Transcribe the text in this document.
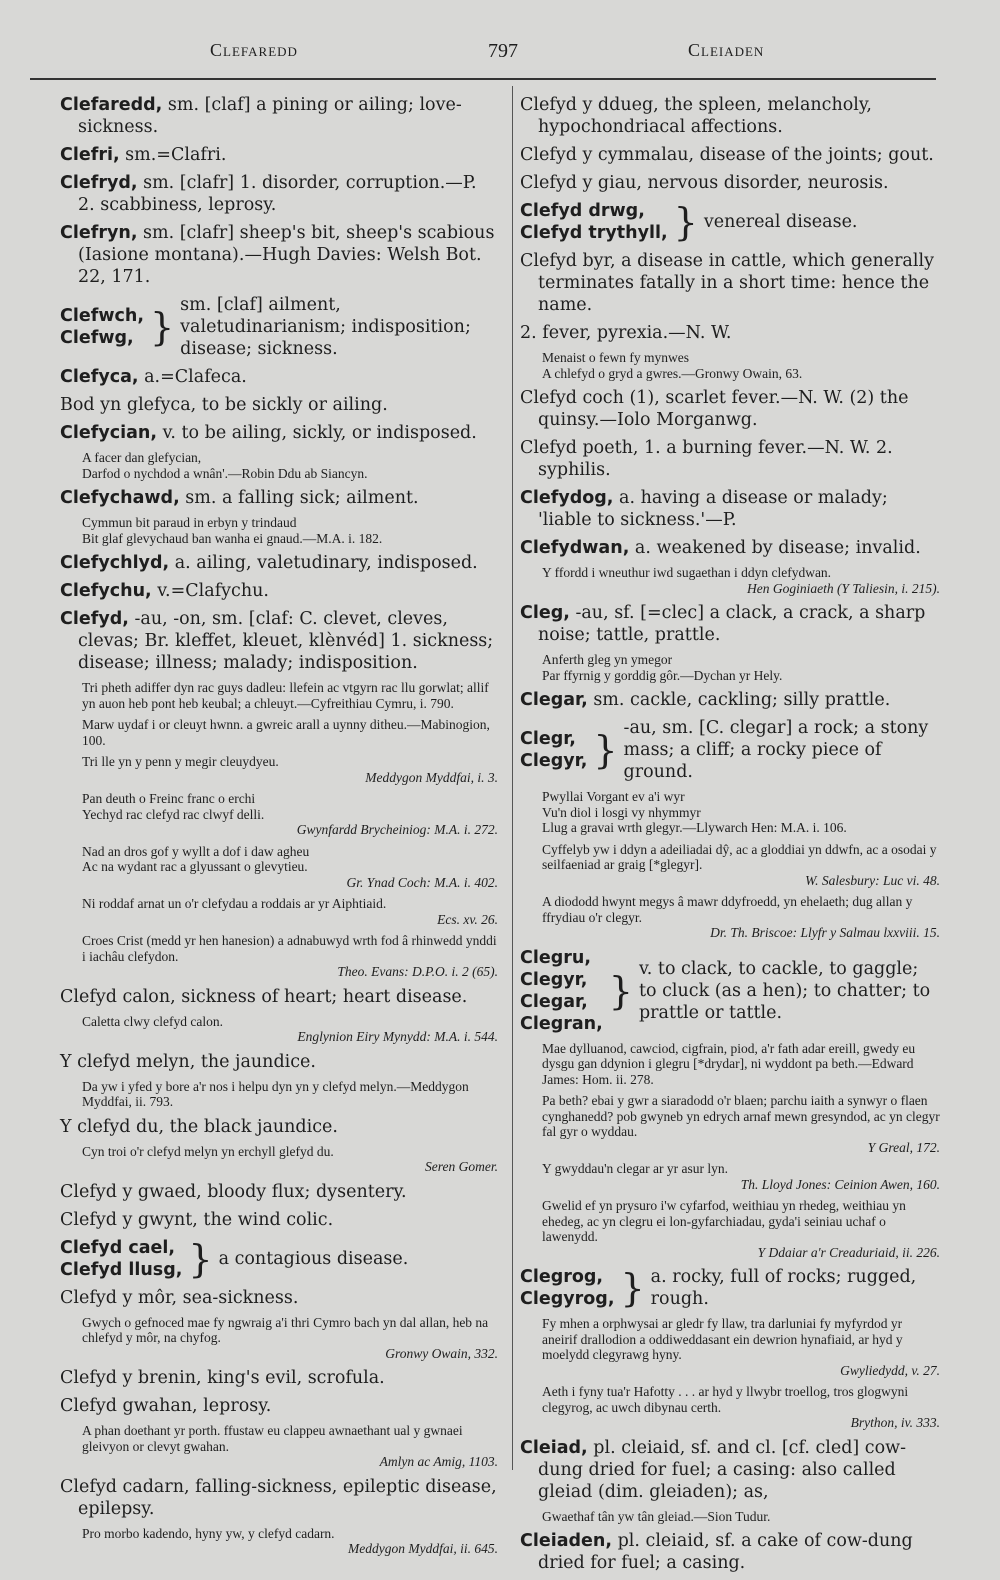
Clefaredd	797	Cleiaden
Clefaredd, sm. [claf] a pining or ailing; love-sickness.
Clefri, sm.=Clafri.
Clefryd, sm. [clafr] 1. disorder, corruption.—P. 2. scabbiness, leprosy.
Clefryn, sm. [clafr] sheep's bit, sheep's scabious (Iasione montana).—Hugh Davies: Welsh Bot. 22, 171.
Clefwch,
Clefwg, } sm. [claf] ailment, valetudinarianism; indisposition; disease; sickness.
Clefyca, a.=Clafeca.
Bod yn glefyca, to be sickly or ailing.
Clefycian, v. to be ailing, sickly, or indisposed.
A facer dan glefycian,
Darfod o nychdod a wnân'.—Robin Ddu ab Siancyn.
Clefychawd, sm. a falling sick; ailment.
Cymmun bit paraud in erbyn y trindaud
Bit glaf glevychaud ban wanha ei gnaud.—M.A. i. 182.
Clefychlyd, a. ailing, valetudinary, indisposed.
Clefychu, v.=Clafychu.
Clefyd, -au, -on, sm. [claf: C. clevet, cleves, clevas; Br. kleffet, kleuet, klènvéd] 1. sickness; disease; illness; malady; indisposition.
Tri pheth adiffer dyn rac guys dadleu: llefein ac vtgyrn rac llu gorwlat; allif yn auon heb pont heb keubal; a chleuyt.—Cyfreithiau Cymru, i. 790.
Marw uydaf i or cleuyt hwnn. a gwreic arall a uynny ditheu.—Mabinogion, 100.
Tri lle yn y penn y megir cleuydyeu.
Meddygon Myddfai, i. 3.
Pan deuth o Freinc franc o erchi
Yechyd rac clefyd rac clwyf delli.
Gwynfardd Brycheiniog: M.A. i. 272.
Nad an dros gof y wyllt a dof i daw agheu
Ac na wydant rac a glyussant o glevytieu.
Gr. Ynad Coch: M.A. i. 402.
Ni roddaf arnat un o'r clefydau a roddais ar yr Aiphtiaid.
Ecs. xv. 26.
Croes Crist (medd yr hen hanesion) a adnabuwyd wrth fod â rhinwedd ynddi i iachâu clefydon.
Theo. Evans: D.P.O. i. 2 (65).
Clefyd calon, sickness of heart; heart disease.
Caletta clwy clefyd calon.
Englynion Eiry Mynydd: M.A. i. 544.
Y clefyd melyn, the jaundice.
Da yw i yfed y bore a'r nos i helpu dyn yn y clefyd melyn.—Meddygon Myddfai, ii. 793.
Y clefyd du, the black jaundice.
Cyn troi o'r clefyd melyn yn erchyll glefyd du.
Seren Gomer.
Clefyd y gwaed, bloody flux; dysentery.
Clefyd y gwynt, the wind colic.
Clefyd cael,
Clefyd llusg, } a contagious disease.
Clefyd y môr, sea-sickness.
Gwych o gefnoced mae fy ngwraig a'i thri Cymro bach yn dal allan, heb na chlefyd y môr, na chyfog.
Gronwy Owain, 332.
Clefyd y brenin, king's evil, scrofula.
Clefyd gwahan, leprosy.
A phan doethant yr porth. ffustaw eu clappeu awnaethant ual y gwnaei gleivyon or clevyt gwahan.
Amlyn ac Amig, 1103.
Clefyd cadarn, falling-sickness, epileptic disease, epilepsy.
Pro morbo kadendo, hyny yw, y clefyd cadarn.
Meddygon Myddfai, ii. 645.
Clefyd y ddueg, the spleen, melancholy, hypochondriacal affections.
Clefyd y cymmalau, disease of the joints; gout.
Clefyd y giau, nervous disorder, neurosis.
Clefyd drwg,
Clefyd trythyll, } venereal disease.
Clefyd byr, a disease in cattle, which generally terminates fatally in a short time: hence the name.
2. fever, pyrexia.—N. W.
Menaist o fewn fy mynwes
A chlefyd o gryd a gwres.—Gronwy Owain, 63.
Clefyd coch (1), scarlet fever.—N. W. (2) the quinsy.—Iolo Morganwg.
Clefyd poeth, 1. a burning fever.—N. W. 2. syphilis.
Clefydog, a. having a disease or malady; 'liable to sickness.'—P.
Clefydwan, a. weakened by disease; invalid.
Y ffordd i wneuthur iwd sugaethan i ddyn clefydwan.
Hen Goginiaeth (Y Taliesin, i. 215).
Cleg, -au, sf. [=clec] a clack, a crack, a sharp noise; tattle, prattle.
Anferth gleg yn ymegor
Par ffyrnig y gorddig gôr.—Dychan yr Hely.
Clegar, sm. cackle, cackling; silly prattle.
Clegr,
Clegyr, } -au, sm. [C. clegar] a rock; a stony mass; a cliff; a rocky piece of ground.
Pwyllai Vorgant ev a'i wyr
Vu'n diol i losgi vy nhymmyr
Llug a gravai wrth glegyr.—Llywarch Hen: M.A. i. 106.
Cyffelyb yw i ddyn a adeiliadai dŷ, ac a gloddiai yn ddwfn, ac a osodai y seilfaeniad ar graig [*glegyr].
W. Salesbury: Luc vi. 48.
A diododd hwynt megys â mawr ddyfroedd, yn ehelaeth; dug allan y ffrydiau o'r clegyr.
Dr. Th. Briscoe: Llyfr y Salmau lxxviii. 15.
Clegru,
Clegyr,
Clegar,
Clegran,
} v. to clack, to cackle, to gaggle; to cluck (as a hen); to chatter; to prattle or tattle.
Mae dylluanod, cawciod, cigfrain, piod, a'r fath adar ereill, gwedy eu dysgu gan ddynion i glegru [*drydar], ni wyddont pa beth.—Edward James: Hom. ii. 278.
Pa beth? ebai y gwr a siaradodd o'r blaen; parchu iaith a synwyr o flaen cynghanedd? pob gwyneb yn edrych arnaf mewn gresyndod, ac yn clegyr fal gyr o wyddau.
Y Greal, 172.
Y gwyddau'n clegar ar yr asur lyn.
Th. Lloyd Jones: Ceinion Awen, 160.
Gwelid ef yn prysuro i'w cyfarfod, weithiau yn rhedeg, weithiau yn ehedeg, ac yn clegru ei lon-gyfarchiadau, gyda'i seiniau uchaf o lawenydd.
Y Ddaiar a'r Creaduriaid, ii. 226.
Clegrog,
Clegyrog, } a. rocky, full of rocks; rugged, rough.
Fy mhen a orphwysai ar gledr fy llaw, tra darluniai fy myfyrdod yr aneirif drallodion a oddiweddasant ein dewrion hynafiaid, ar hyd y moelydd clegyrawg hyny.
Gwyliedydd, v. 27.
Aeth i fyny tua'r Hafotty . . . ar hyd y llwybr troellog, tros glogwyni clegyrog, ac uwch dibynau certh.
Brython, iv. 333.
Cleiad, pl. cleiaid, sf. and cl. [cf. cled] cow-dung dried for fuel; a casing: also called gleiad (dim. gleiaden); as,
Gwaethaf tân yw tân gleiad.—Sion Tudur.
Cleiaden, pl. cleiaid, sf. a cake of cow-dung dried for fuel; a casing.
